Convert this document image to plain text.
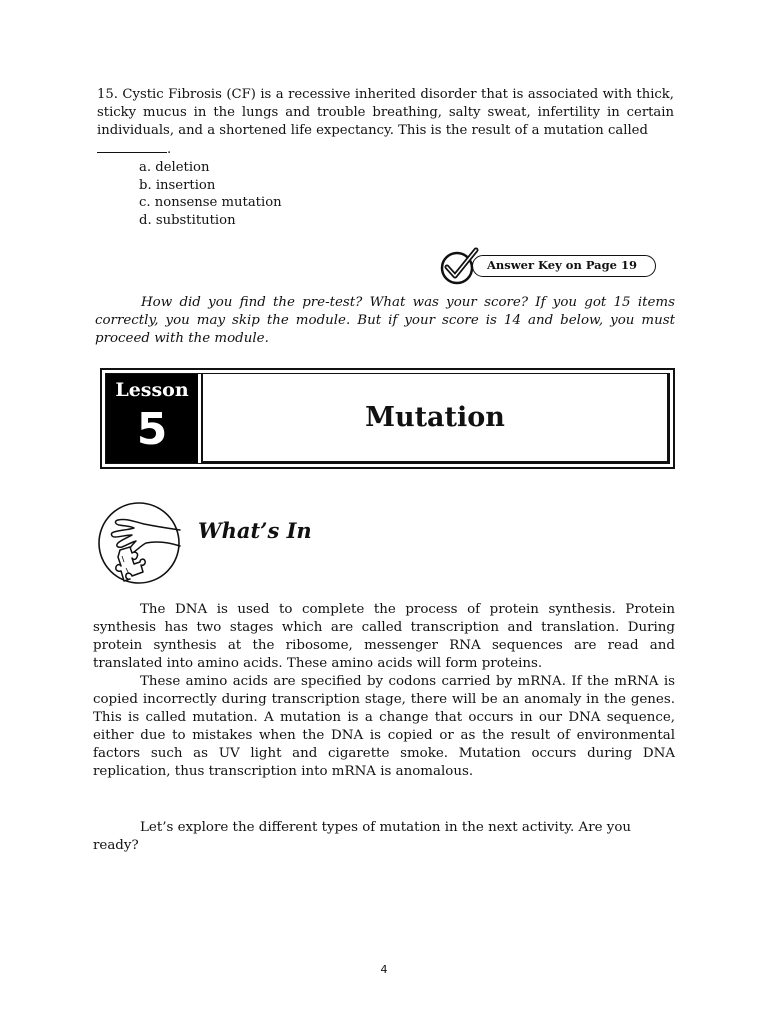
15. Cystic Fibrosis (CF) is a recessive inherited disorder that is associated with thick, sticky mucus in the lungs and trouble breathing, salty sweat, infertility in certain individuals, and a shortened life expectancy. This is the result of a mutation called
.

a. deletion
b. insertion
c. nonsense mutation
d. substitution
Answer Key on Page 19

How did you find the pre-test? What was your score? If you got 15 items correctly, you may skip the module. But if your score is 14 and below, you must proceed with the module.

Lesson
5	Mutation
What’s In

The DNA is used to complete the process of protein synthesis. Protein synthesis has two stages which are called transcription and translation. During protein synthesis at the ribosome, messenger RNA sequences are read and translated into amino acids. These amino acids will form proteins.

These amino acids are specified by codons carried by mRNA. If the mRNA is copied incorrectly during transcription stage, there will be an anomaly in the genes. This is called mutation. A mutation is a change that occurs in our DNA sequence, either due to mistakes when the DNA is copied or as the result of environmental factors such as UV light and cigarette smoke. Mutation occurs during DNA replication, thus transcription into mRNA is anomalous.

Let’s explore the different types of mutation in the next activity. Are you ready?

4
